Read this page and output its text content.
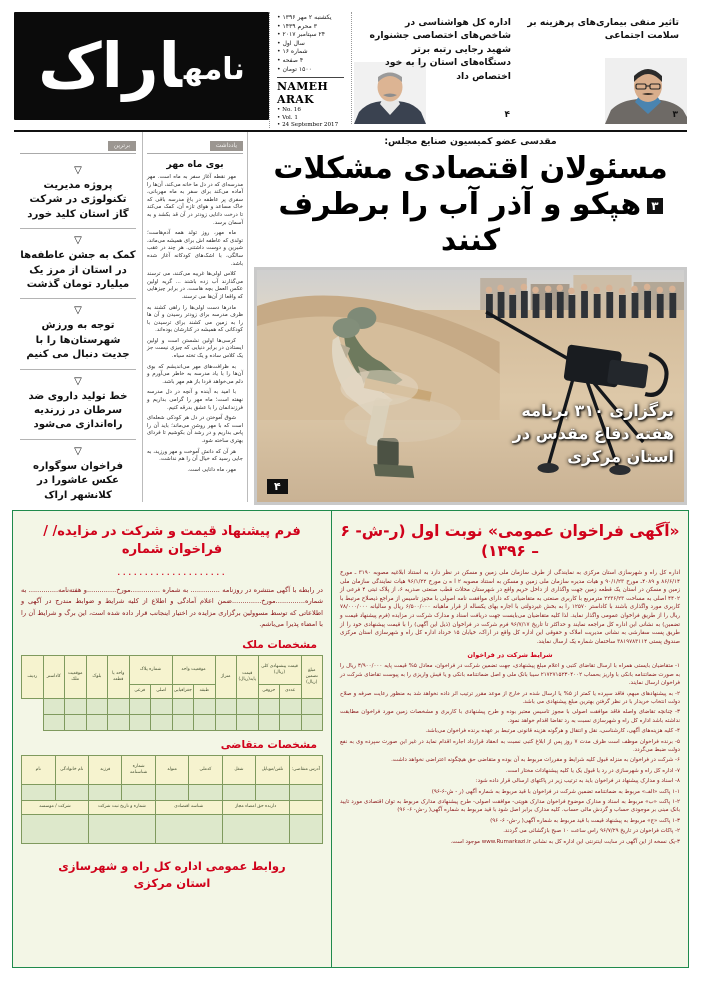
تاثیر منفی بیماری‌های پرهزینه بر سلامت اجتماعی
۳
اداره کل هواشناسی در شاخص‌های اختصاصی جشنواره شهید رجایی رتبه برتر دستگاه‌های استان را به خود اختصاص داد
۴
یکشنبه ۲ مهر ۱۳۹۶ •
۳ محرم ۱۴۳۹ •
۲۴ سپتامبر ۲۰۱۷ •
سال اول •
شماره ۱۶ •
۴ صفحه •
۱۵۰۰ تومان •
NAMEH ARAK
• No. 16
• Vol. 1
• 24 September 2017
نامهاراک
مقدسی عضو کمیسیون صنایع مجلس:
مسئولان اقتصادی مشکلات
۳هپکو و آذر آب را برطرف کنند
برگزاری ۳۱۰ برنامه
هفته دفاع مقدس در
استان مرکزی
۴
یادداشت
بوی ماه مهر

مهر نقطه آغاز سفر به ماه است. مهر مدرسه‌ای که در دل ما خانه می‌کند، آن‌ها را آماده می‌کند برای سفر به ماه مهربانی، سفری پر عاطفه در باغ مدرسه باقی که خاک مساعد و هوای تازه آن، کمک می‌کند تا درخت دانایی زودتر در آن قد بکشد و به آسمان برسد.

ماه مهر، روز تولد همه آدم‌هاست؛ تولدی که عاطفه اش برای همیشه می‌ماند، شیرین و دوست داشتنی. هر چند در عقب سالگی، با اشک‌های کودکانه آغاز شده باشد.

کلاس اولی‌ها غریبه می‌کنند، می ترسند می‌گذارند آب زده باشند ... گریه اولین عکس العمل بچه هاست، در برابر چیزهایی که واقعا از آن‌ها می ترسند.

مادرها دست اولی‌ها را راهی کشند به ظرف مدرسه برای زودتر رسیدن و آن ها را به زمین می کشند برای ترسیدن با کودکانی که همیشه در کنارشان بوده‌اند.

کرسی‌ها اولین نشستن است و اولین ایستادن در برابر دنیایی که چیزی نیست جز یک کلاس ساده و یک تخته سیاه.

به ظرافت‌های مهر می‌اندیشم که بوی آن‌ها را با یاد مدرسه به خاطر می‌آورم و دلم می‌خواهد فردا باز هم مهر باشد.

با امید به آینده و آنچه در دل مدرسه نهفته است؛ ماه مهر را گرامی بداریم و فرزندانمان را با عشق بدرقه کنیم.

شوق آموختن در دل هر کودکی شعله‌ای است که با مهر روشن می‌ماند؛ باید آن را پاس بداریم و در رشد آن بکوشیم تا فردای بهتری ساخته شود.

هر آن که دانش آموخت و مهر ورزید، به جایی رسید که خیال آن را هم نداشت.

مهر، ماه دانایی است.

برترین
▽
پروژه مدیریت تکنولوژی در شرکت گاز استان کلید خورد
▽
کمک به جشن عاطفه‌ها در استان از مرز یک میلیارد تومان گذشت
▽
توجه به ورزش شهرستان‌ها را با جدیت دنبال می کنیم
▽
خط تولید داروی ضد سرطان در زرندیه راه‌اندازی می‌شود
▽
فراخوان سوگواره عکس عاشورا در کلانشهر اراک
«آگهی فراخوان عمومی» نوبت اول (ر-ش- ۶ – ۱۳۹۶)

اداره کل راه و شهرسازی استان مرکزی به نمایندگی از طرف سازمان ملی زمین و مسکن در نظر دارد به استناد ابلاغیه مصوبه ۳۱۹۰ ـ مورخ ۸۶/۶/۱۴ و ۴۰۸۹ـ مورخ ۹۰/۱/۲۳ و هیات مدیره سازمان ملی زمین و مسکن به استناد مصوبه ۲ ا ه ن مورخ ۹۶/۱/۲۲ هیات نمایندگی سازمان ملی زمین و مسکن در استان یک قطعه زمین جهت واگذاری از داخل حریم واقع در شهرستان محلات قطب صنعتی صدریه ۶، از پلاک ثبتی ۴ فرعی از ۴۴۰۲ اصلی به مساحت ۲۲۳۶/۲۳ مترمربع با کاربری صنعتی به متقاضیانی که دارای موافقت نامه اصولی با مجوز تاسیس از مراجع ذیصلاح مرتبط با کاربری مورد واگذاری باشند با کاداستر ۱۲۵۷۰ را به بخش غیردولتی با اجاره بهای یکساله از قرار ماهیانه ۶/۵۰۰/۰۰۰ ریال و سالیانه ۷۸/۰۰۰/۰۰۰ ریال را از طریق فراخوان عمومی واگذار نماید. لذا کلیه متقاضیان می‌بایست جهت دریافت اسناد و مدارک شرکت در مزایده (فرم پیشنهاد قیمت و تضمین) به نشانی این اداره کل مراجعه نمایند و حداکثر تا تاریخ ۹۶/۷/۱۷ فرم شرکت در فراخوان (ذیل این آگهی) را با قیمت پیشنهادی خود را از طریق پست سفارشی به نشانی مدیریت املاک و حقوقی این اداره کل واقع در اراک، خیابان ۱۵ خرداد اداره کل راه و شهرسازی استان مرکزی صندوق پستی ۳۸۱۹۷۸۳۱۱۴ ساختمان شماره یک ارسال نمایند.

شرایط شرکت در فراخوان
۱- متقاضیان بایستی همراه با ارسال تقاضای کتبی و اعلام مبلغ پیشنهادی، جهت تضمین شرکت در فراخوان، معادل ۵% قیمت پایه ۳/۹۰۰/۰۰۰ ریال را به صورت ضمانتنامه بانکی با واریز بحساب ۲۱۷۲۷۱۵۲۳۰۴۰۰۲ سیبا بانک ملی و اصل ضمانتنامه بانکی و یا فیش واریزی را به پیوست تقاضای شرکت در فراخوان ارسال نمایند.
۲- به پیشنهادهای مبهم، فاقد سپرده یا کمتر از ۵% یا ارسال شده در خارج از موعد مقرر ترتیب اثر داده نخواهد شد به منظور رعایت صرفه و صلاح دولت انتخاب خریدار با در نظر گرفتن بهترین مبلغ پیشنهادی می باشد.
۳- چنانچه تقاضای واصله فاقد موافقت اصولی با مجوز تاسیس معتبر بوده و طرح پیشنهادی با کاربری و مشخصات زمین مورد فراخوان مطابقت نداشته باشد اداره کل راه و شهرسازی نسبت به رد تقاضا اقدام خواهد نمود.
۴- کلیه هزینه‌های آگهی، کارشناسی، نقل و انتقال و هرگونه هزینه قانونی مرتبط بر عهده برنده فراخوان می‌باشد.
۵- برنده فراخوان موظف است ظرف مدت ۷ روز پس از ابلاغ کتبی نسبت به انعقاد قرارداد اجاره اقدام نماید در غیر این صورت سپرده وی به نفع دولت ضبط می‌گردد.
۶- شرکت در فراخوان به منزله قبول کلیه شرایط و مقررات مربوط به آن بوده و متقاضی حق هیچگونه اعتراضی نخواهد داشت.
۷- اداره کل راه و شهرسازی در رد یا قبول یک یا کلیه پیشنهادات مختار است.
۸- اسناد و مدارک پیشنهاد در فراخوان باید به ترتیب زیر در پاکتهای ارسالی قرار داده شود:
۱-۱ پاکت «الف» مربوط به ضمانتنامه تضمین شرکت در فراخوان با قید مربوط به شماره آگهی (ر - ش-۶-۹۶)
۱-۲ پاکت «ب» مربوط به اسناد و مدارک موضوع فراخوان مدارک هویتی- موافقت اصولی- طرح پیشنهادی مدارک مربوط به توان اقتصادی مورد تایید بانک مبنی بر موجودی حساب و گردش مالی حساب. کلیه مدارک برابر اصل شود با قید مربوط به شماره آگهی( ر-ش- ۶- ۹۶)
۱-۳ پاکت «ج» مربوط به پیشنهاد قیمت با قید مربوط به شماره آگهی( ر-ش- ۶- ۹۶)
۲- پاکات فراخوان در تاریخ ۹۶/۷/۲۹ راس ساعت ۱۰ صبح بازگشائی می گردند.
۳-یک نسخه از این آگهی در سایت اینترنتی این اداره کل به نشانی www.Rumarkazi.ir موجود است.
فرم پیشنهاد قیمت و شرکت در مزایده/ /فراخوان شماره
....................

در رابطه با آگهی منتشره در روزنامه .............. به شماره ..............مورخ..............و هفته‌نامه.............. به شماره..............مورخ..............ضمن اعلام آمادگی و اطلاع از کلیه شرایط و ضوابط مندرج در آگهی و اطلاعاتی که توسط مسوولین برگزاری مزایده در اختیار اینجانب قرار داده شده است، این برگ و شرایط آن را با امضاء پذیرا می‌باشم.

مشخصات ملک
مبلغ تضمین (ریال)	قیمت پیشنهادی کلی (ریال)		قیمت پایه(ریال)	متراژ	موقعیت واحد		شماره پلاک		واحد یا قطعه	بلوک	موقعیت ملک	کاداستر	ردیف
	عددی	حروفی			طبقه	جغرافیایی	اصلی	فرعی					

مشخصات متقاضی
آدرس متقاضی:	تلفن/موبایل	شغل	کدملی	متولد	شماره شناسنامه	فرزند	نام خانوادگی	نام

	دارنده حق امضاء مجاز		شناسه اقتصادی		شماره و تاریخ ثبت شرکت		شرکت / موسسه	

روابط عمومی اداره کل راه و شهرسازی
استان مرکزی
